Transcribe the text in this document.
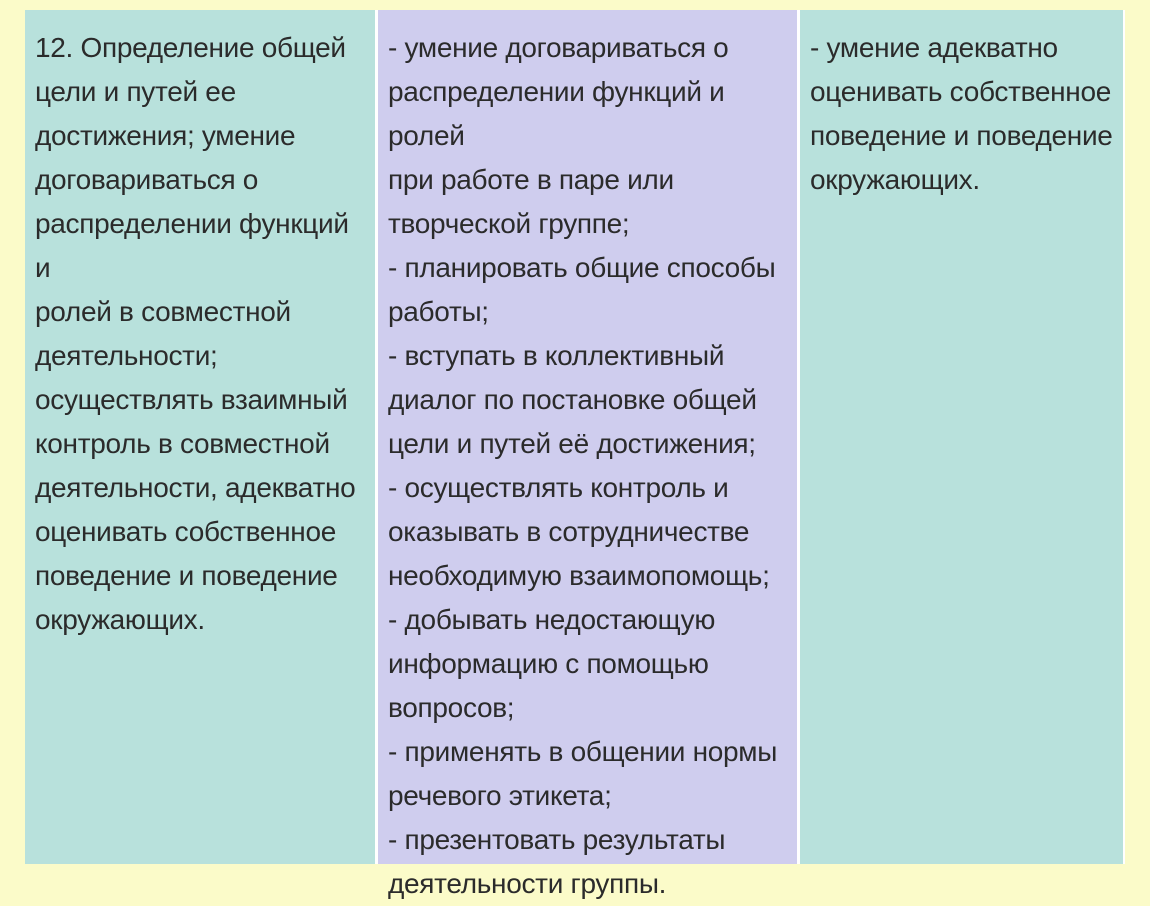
12. Определение общей
цели и путей ее
достижения; умение
договариваться о
распределении функций и
ролей в совместной
деятельности;
осуществлять взаимный
контроль в совместной
деятельности, адекватно
оценивать собственное
поведение и поведение
окружающих.
- умение договариваться о
распределении функций и ролей
при работе в паре или
творческой группе;
- планировать общие способы
работы;
- вступать в коллективный
диалог по постановке общей
цели и путей её достижения;
- осуществлять контроль и
оказывать в сотрудничестве
необходимую взаимопомощь;
- добывать недостающую
информацию с помощью
вопросов;
- применять в общении нормы
речевого этикета;
- презентовать результаты
деятельности группы.
- умение адекватно
оценивать собственное
поведение и поведение
окружающих.
